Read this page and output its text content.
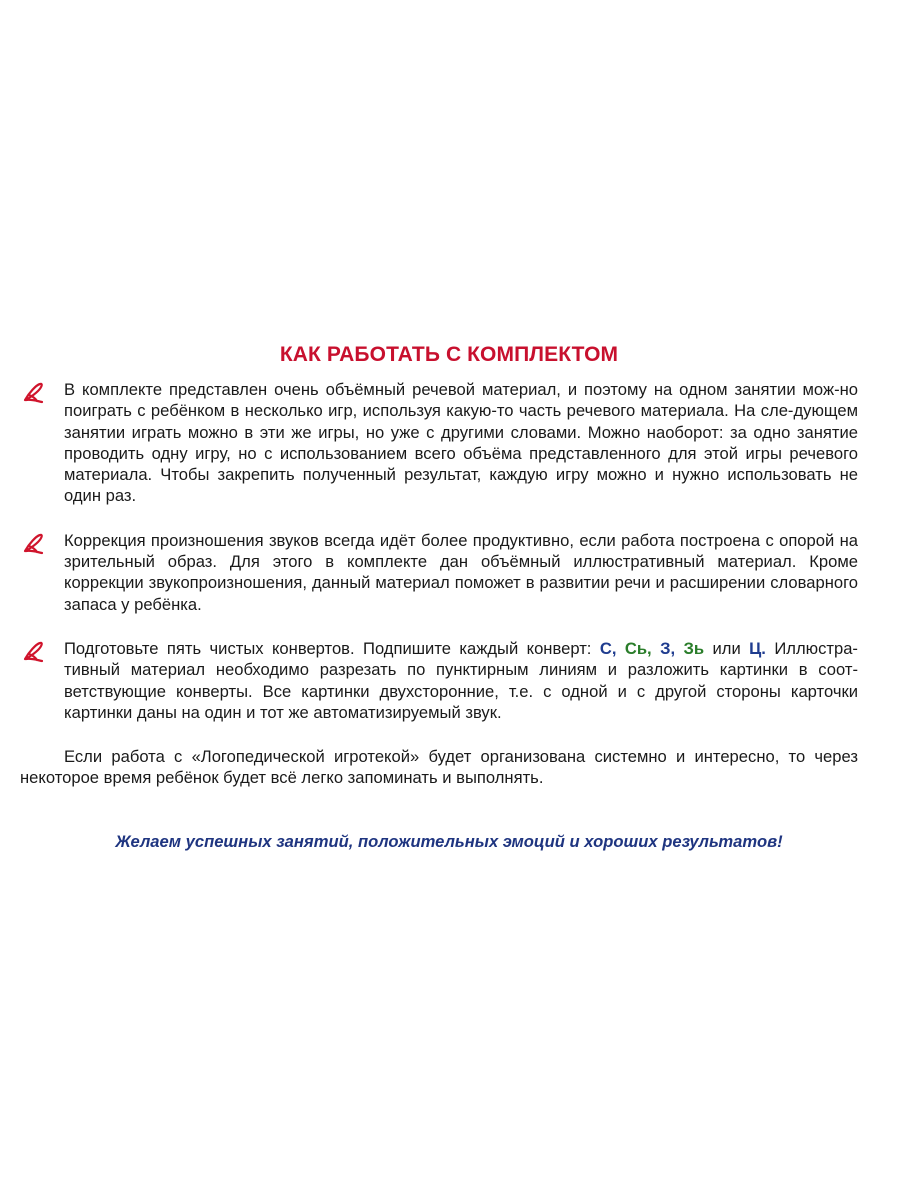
КАК РАБОТАТЬ С КОМПЛЕКТОМ

В комплекте представлен очень объёмный речевой материал, и поэтому на одном занятии мож-но поиграть с ребёнком в несколько игр, используя какую-то часть речевого материала. На сле-дующем занятии играть можно в эти же игры, но уже с другими словами. Можно наоборот: за одно занятие проводить одну игру, но с использованием всего объёма представленного для этой игры речевого материала. Чтобы закрепить полученный результат, каждую игру можно и нужно использовать не один раз.

Коррекция произношения звуков всегда идёт более продуктивно, если работа построена с опорой на зрительный образ. Для этого в комплекте дан объёмный иллюстративный материал. Кроме коррекции звукопроизношения, данный материал поможет в развитии речи и расширении словарного запаса у ребёнка.

Подготовьте пять чистых конвертов. Подпишите каждый конверт: С, Сь, З, Зь или Ц. Иллюстра-тивный материал необходимо разрезать по пунктирным линиям и разложить картинки в соот-ветствующие конверты. Все картинки двухсторонние, т.е. с одной и с другой стороны карточки картинки даны на один и тот же автоматизируемый звук.

Если работа с «Логопедической игротекой» будет организована системно и интересно, то через некоторое время ребёнок будет всё легко запоминать и выполнять.

Желаем успешных занятий, положительных эмоций и хороших результатов!
